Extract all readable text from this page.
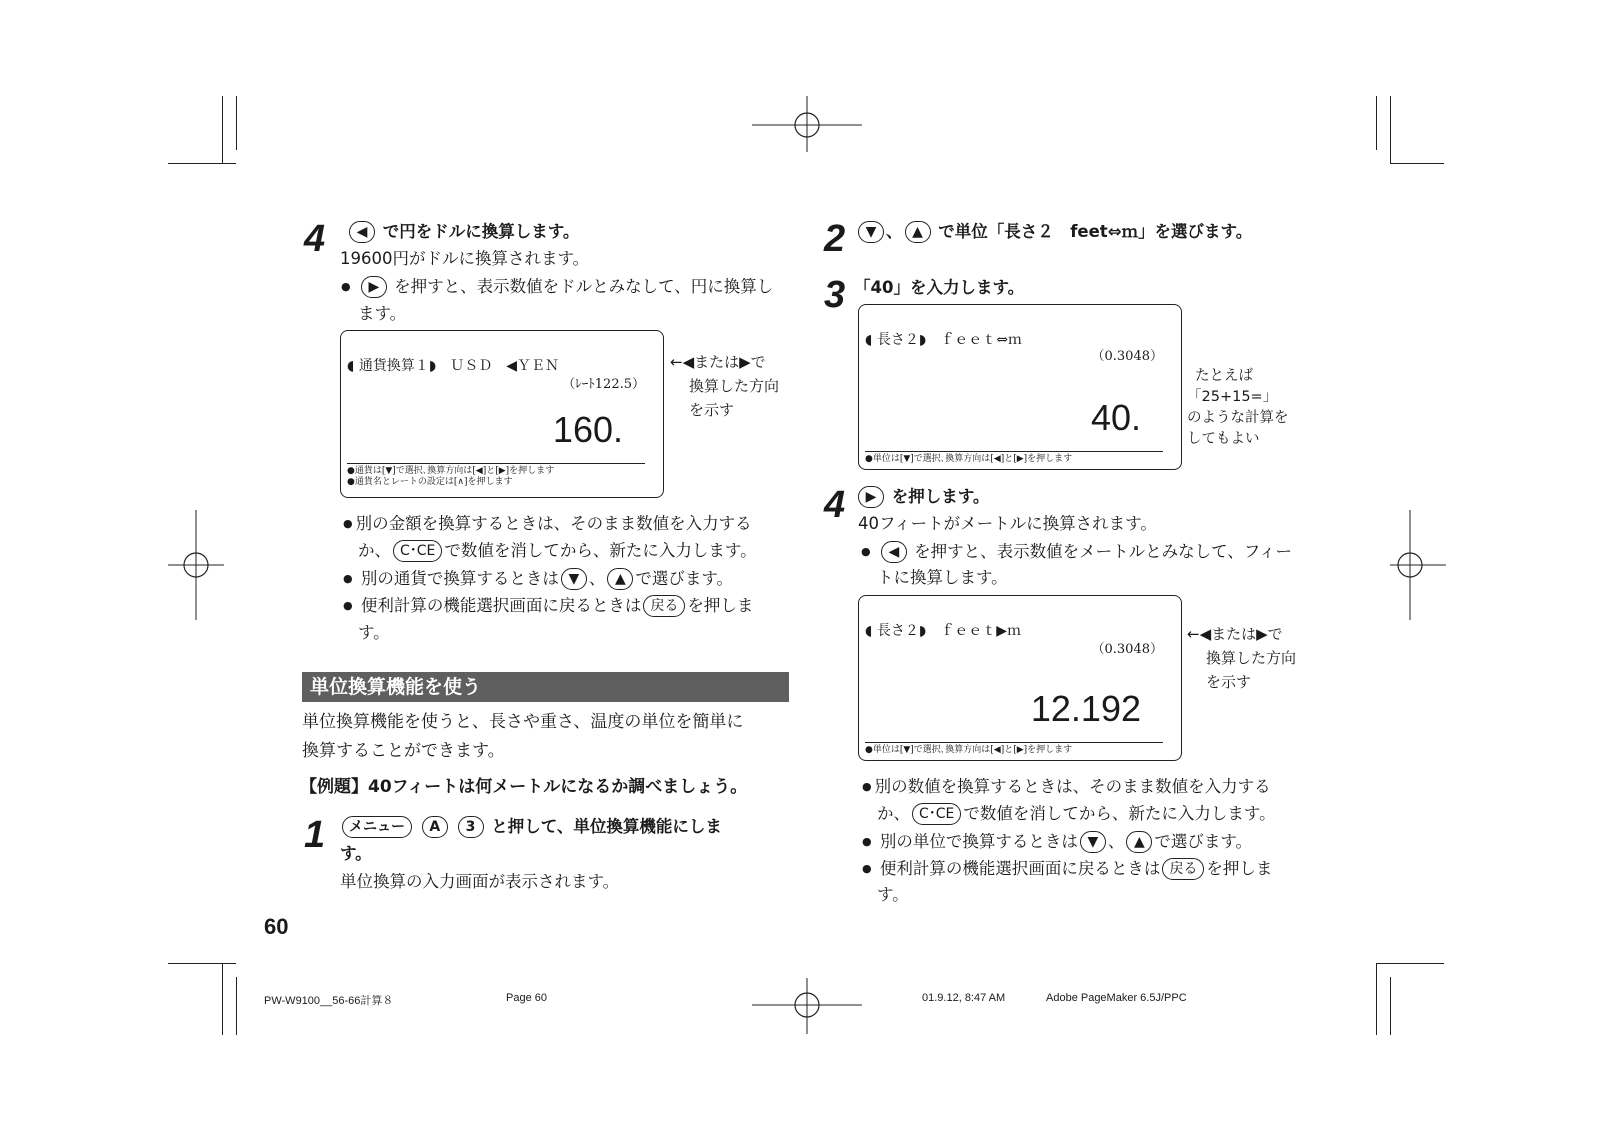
4	◀ で円をドルに換算します。
19600円がドルに換算されます。
● ▶ を押すと、表示数値をドルとみなして、円に換算し
ます。
◖ 通貨換算１◗　ＵＳＤ　◀ＹＥＮ
（ﾚｰﾄ122.5）
160.
●通貨は[▼]で選択､換算方向は[◀]と[▶]を押します
●通貨名とレートの設定は[∧]を押します
←◀または▶で
換算した方向
を示す
● 別の金額を換算するときは、そのまま数値を入力する
か、 C･CE で数値を消してから、新たに入力します。
● 別の通貨で換算するときは ▼ 、 ▲ で選びます。
● 便利計算の機能選択画面に戻るときは 戻る を押しま
す。
単位換算機能を使う
単位換算機能を使うと、長さや重さ、温度の単位を簡単に
換算することができます。
【例題】40フィートは何メートルになるか調べましょう。
1	メニュー A 3 と押して、単位換算機能にしま
す。
単位換算の入力画面が表示されます。
60
2	▼ 、 ▲ で単位「長さ２　feet⇔ｍ」を選びます。
3 「40」を入力します。
◖ 長さ２◗　ｆｅｅｔ⇔ｍ
（0.3048）
40.
●単位は[▼]で選択､換算方向は[◀]と[▶]を押します
たとえば
「25+15=」
のような計算を
してもよい
4	▶ を押します。
40フィートがメートルに換算されます。
● ◀ を押すと、表示数値をメートルとみなして、フィー
トに換算します。
◖ 長さ２◗　ｆｅｅｔ▶ｍ
（0.3048）
12.192
●単位は[▼]で選択､換算方向は[◀]と[▶]を押します
←◀または▶で
換算した方向
を示す
● 別の数値を換算するときは、そのまま数値を入力する
か、 C･CE で数値を消してから、新たに入力します。
● 別の単位で換算するときは ▼ 、 ▲ で選びます。
● 便利計算の機能選択画面に戻るときは 戻る を押しま
す。
PW-W9100__56-66計算８	Page 60	01.9.12, 8:47 AM	Adobe PageMaker 6.5J/PPC
